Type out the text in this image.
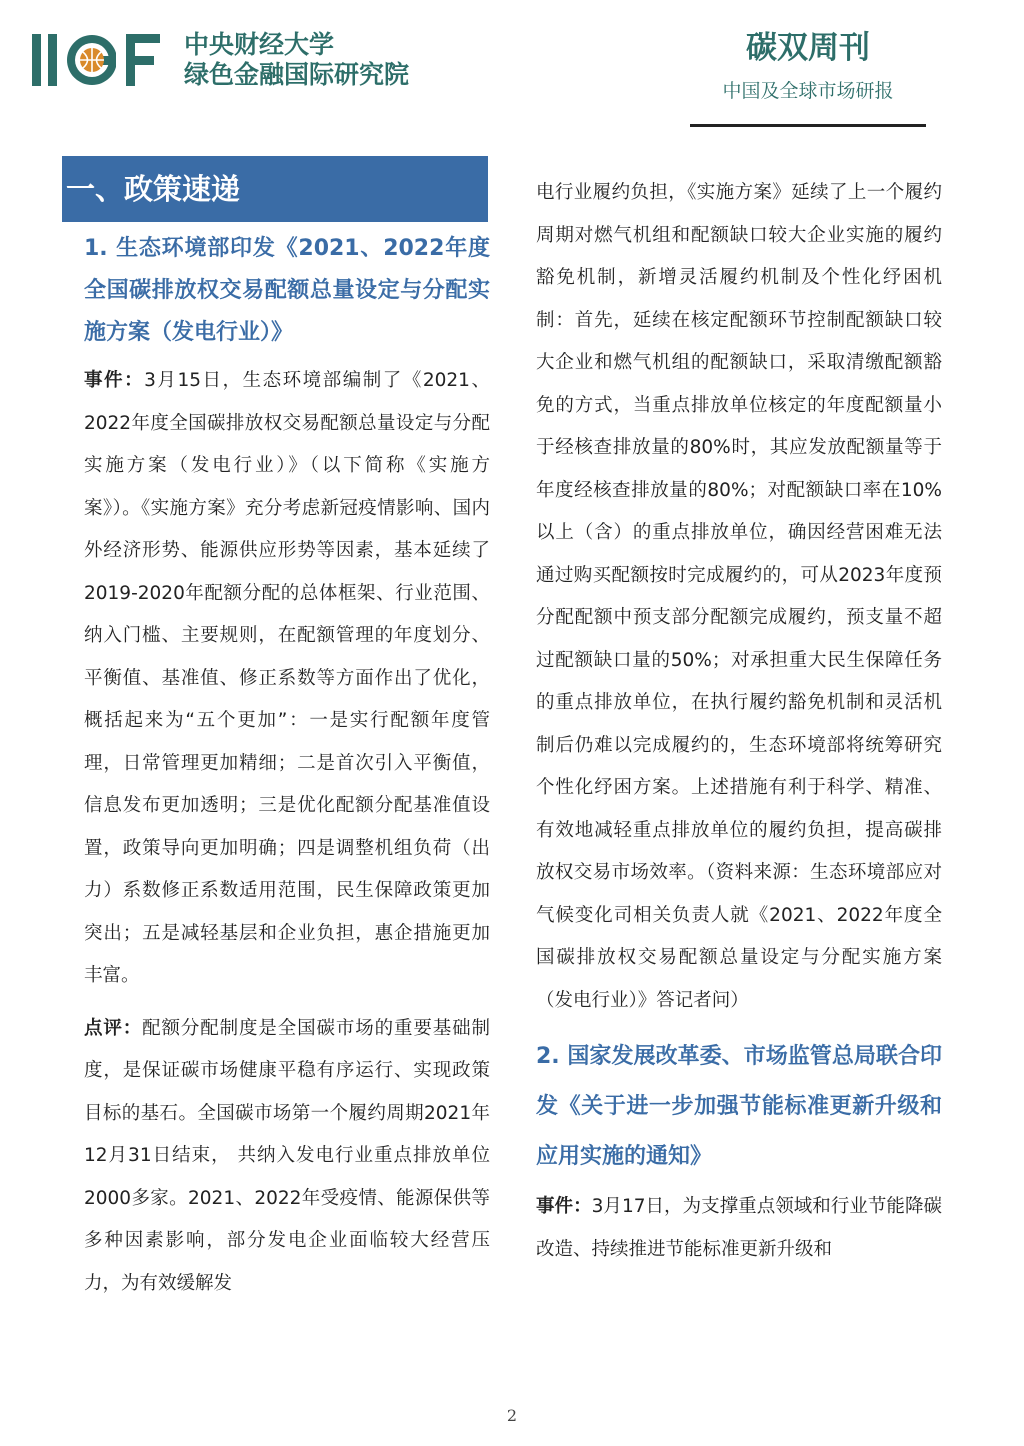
中央财经大学
绿色金融国际研究院
碳双周刊
中国及全球市场研报
一、政策速递
1. 生态环境部印发《2021、2022年度全国碳排放权交易配额总量设定与分配实施方案（发电行业）》

事件：3月15日，生态环境部编制了《2021、2022年度全国碳排放权交易配额总量设定与分配实施方案（发电行业）》（以下简称《实施方案》）。《实施方案》充分考虑新冠疫情影响、国内外经济形势、能源供应形势等因素，基本延续了2019-2020年配额分配的总体框架、行业范围、纳入门槛、主要规则，在配额管理的年度划分、平衡值、基准值、修正系数等方面作出了优化，概括起来为“五个更加”：一是实行配额年度管理，日常管理更加精细；二是首次引入平衡值，信息发布更加透明；三是优化配额分配基准值设置，政策导向更加明确；四是调整机组负荷（出力）系数修正系数适用范围，民生保障政策更加突出；五是减轻基层和企业负担，惠企措施更加丰富。

点评：配额分配制度是全国碳市场的重要基础制度，是保证碳市场健康平稳有序运行、实现政策目标的基石。全国碳市场第一个履约周期2021年12月31日结束， 共纳入发电行业重点排放单位2000多家。2021、2022年受疫情、能源保供等多种因素影响，部分发电企业面临较大经营压力，为有效缓解发

电行业履约负担，《实施方案》延续了上一个履约周期对燃气机组和配额缺口较大企业实施的履约豁免机制，新增灵活履约机制及个性化纾困机制：首先，延续在核定配额环节控制配额缺口较大企业和燃气机组的配额缺口，采取清缴配额豁免的方式，当重点排放单位核定的年度配额量小于经核查排放量的80%时，其应发放配额量等于年度经核查排放量的80%；对配额缺口率在10%以上（含）的重点排放单位，确因经营困难无法通过购买配额按时完成履约的，可从2023年度预分配配额中预支部分配额完成履约，预支量不超过配额缺口量的50%；对承担重大民生保障任务的重点排放单位，在执行履约豁免机制和灵活机制后仍难以完成履约的，生态环境部将统筹研究个性化纾困方案。上述措施有利于科学、精准、有效地减轻重点排放单位的履约负担，提高碳排放权交易市场效率。（资料来源：生态环境部应对气候变化司相关负责人就《2021、2022年度全国碳排放权交易配额总量设定与分配实施方案（发电行业）》答记者问）

2. 国家发展改革委、市场监管总局联合印发《关于进一步加强节能标准更新升级和应用实施的通知》

事件：3月17日，为支撑重点领域和行业节能降碳改造、持续推进节能标准更新升级和

2
